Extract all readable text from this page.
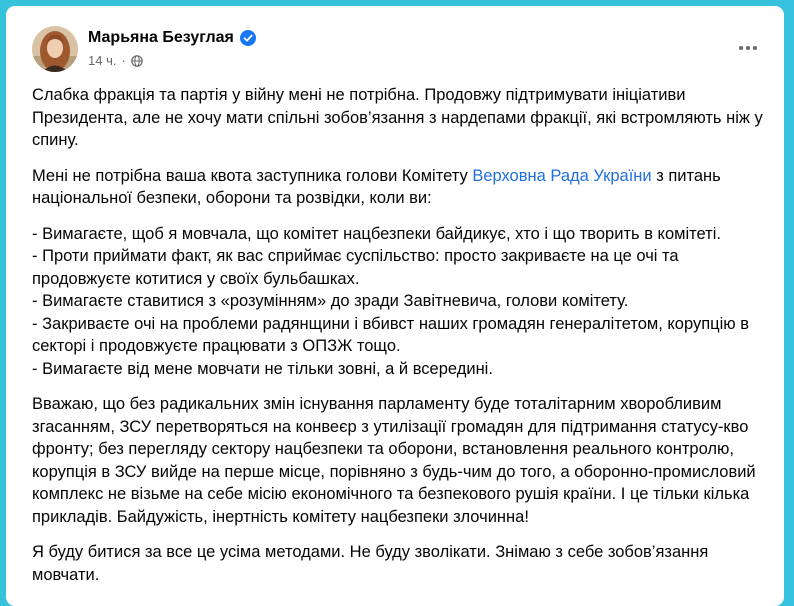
Марьяна Безуглая
14 ч. ·

Слабка фракція та партія у війну мені не потрібна. Продовжу підтримувати ініціативи Президента, але не хочу мати спільні зобов’язання з нардепами фракції, які встромляють ніж у спину.

Мені не потрібна ваша квота заступника голови Комітету Верховна Рада України з питань національної безпеки, оборони та розвідки, коли ви:

- Вимагаєте, щоб я мовчала, що комітет нацбезпеки байдикує, хто і що творить в комітеті.
- Проти приймати факт, як вас сприймає суспільство: просто закриваєте на це очі та продовжуєте котитися у своїх бульбашках.
- Вимагаєте ставитися з «розумінням» до зради Завітневича, голови комітету.
- Закриваєте очі на проблеми радянщини і вбивст наших громадян генералітетом, корупцію в секторі і продовжуєте працювати з ОПЗЖ тощо.
- Вимагаєте від мене мовчати не тільки зовні, а й всередині.

Вважаю, що без радикальних змін існування парламенту буде тоталітарним хворобливим згасанням, ЗСУ перетворяться на конвеєр з утилізації громадян для підтримання статусу-кво фронту; без перегляду сектору нацбезпеки та оборони, встановлення реального контролю, корупція в ЗСУ вийде на перше місце, порівняно з будь-чим до того, а оборонно-промисловий комплекс не візьме на себе місію економічного та безпекового рушія країни. І це тільки кілька прикладів. Байдужість, інертність комітету нацбезпеки злочинна!

Я буду битися за все це усіма методами. Не буду зволікати. Знімаю з себе зобов’язання мовчати.
